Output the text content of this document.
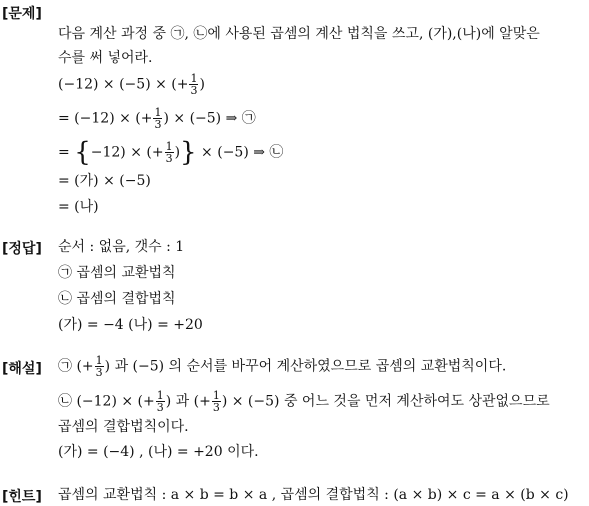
[문제]
다음 계산 과정 중 ㉠, ㉡에 사용된 곱셈의 계산 법칙을 쓰고, (가),(나)에 알맞은
수를 써 넣어라.
(−12) × (−5) × (+ $\frac{1}{3}$ )
= (−12) × (+ $\frac{1}{3}$ ) × (−5) ⇒ ㉠
= {−12) × (+ $\frac{1}{3}$ )} × (−5) ⇒ ㉡
= (가) × (−5)
= (나)
[정답] 순서 : 없음, 갯수 : 1
㉠ 곱셈의 교환법칙
㉡ 곱셈의 결합법칙
(가) = −4 (나) = +20
[해설] ㉠ (+ $\frac{1}{3}$ ) 과 (−5) 의 순서를 바꾸어 계산하였으므로 곱셈의 교환법칙이다.
㉡ (−12) × (+ $\frac{1}{3}$ ) 과 (+ $\frac{1}{3}$ ) × (−5) 중 어느 것을 먼저 계산하여도 상관없으므로
곱셈의 결합법칙이다.
(가) = (−4) , (나) = +20 이다.
[힌트] 곱셈의 교환법칙 : a × b = b × a , 곱셈의 결합법칙 : (a × b) × c = a × (b × c)
